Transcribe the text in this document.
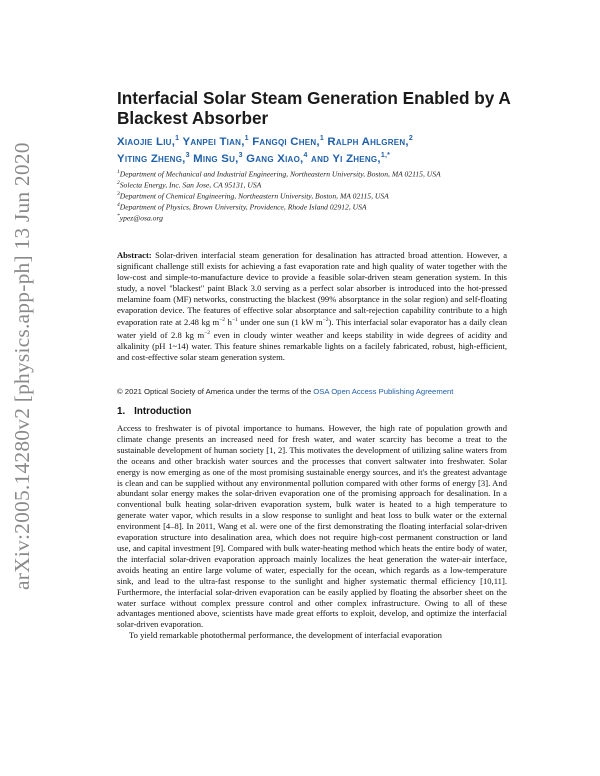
arXiv:2005.14280v2 [physics.app-ph] 13 Jun 2020
Interfacial Solar Steam Generation Enabled by A Blackest Absorber
Xiaojie Liu,$^1$ Yanpei Tian,$^1$ Fangqi Chen,$^1$ Ralph Ahlgren,$^2$
Yiting Zheng,$^3$ Ming Su,$^3$ Gang Xiao,$^4$ and Yi Zheng,$^{1,*}$
$^1$Department of Mechanical and Industrial Engineering, Northeastern University, Boston, MA 02115, USA
$^2$Solecta Energy, Inc. San Jose, CA 95131, USA
$^3$Department of Chemical Engineering, Northeastern University, Boston, MA 02115, USA
$^4$Department of Physics, Brown University, Providence, Rhode Island 02912, USA
*ypez@osa.org
Abstract: Solar-driven interfacial steam generation for desalination has attracted broad attention. However, a significant challenge still exists for achieving a fast evaporation rate and high quality of water together with the low-cost and simple-to-manufacture device to provide a feasible solar-driven steam generation system. In this study, a novel "blackest" paint Black 3.0 serving as a perfect solar absorber is introduced into the hot-pressed melamine foam (MF) networks, constructing the blackest (99% absorptance in the solar region) and self-floating evaporation device. The features of effective solar absorptance and salt-rejection capability contribute to a high evaporation rate at 2.48 kg $m^{-2}$ $h^{-1}$ under one sun (1 kW $m^{-2}$). This interfacial solar evaporator has a daily clean water yield of 2.8 kg $m^{-2}$ even in cloudy winter weather and keeps stability in wide degrees of acidity and alkalinity (pH 1~14) water. This feature shines remarkable lights on a facilely fabricated, robust, high-efficient, and cost-effective solar steam generation system.
© 2021 Optical Society of America under the terms of the OSA Open Access Publishing Agreement
1. Introduction

Access to freshwater is of pivotal importance to humans. However, the high rate of population growth and climate change presents an increased need for fresh water, and water scarcity has become a treat to the sustainable development of human society [1, 2]. This motivates the development of utilizing saline waters from the oceans and other brackish water sources and the processes that convert saltwater into freshwater. Solar energy is now emerging as one of the most promising sustainable energy sources, and it's the greatest advantage is clean and can be supplied without any environmental pollution compared with other forms of energy [3]. And abundant solar energy makes the solar-driven evaporation one of the promising approach for desalination. In a conventional bulk heating solar-driven evaporation system, bulk water is heated to a high temperature to generate water vapor, which results in a slow response to sunlight and heat loss to bulk water or the external environment [4–8]. In 2011, Wang et al. were one of the first demonstrating the floating interfacial solar-driven evaporation structure into desalination area, which does not require high-cost permanent construction or land use, and capital investment [9]. Compared with bulk water-heating method which heats the entire body of water, the interfacial solar-driven evaporation approach mainly localizes the heat generation the water-air interface, avoids heating an entire large volume of water, especially for the ocean, which regards as a low-temperature sink, and lead to the ultra-fast response to the sunlight and higher systematic thermal efficiency [10,11]. Furthermore, the interfacial solar-driven evaporation can be easily applied by floating the absorber sheet on the water surface without complex pressure control and other complex infrastructure. Owing to all of these advantages mentioned above, scientists have made great efforts to exploit, develop, and optimize the interfacial solar-driven evaporation.

To yield remarkable photothermal performance, the development of interfacial evaporation
